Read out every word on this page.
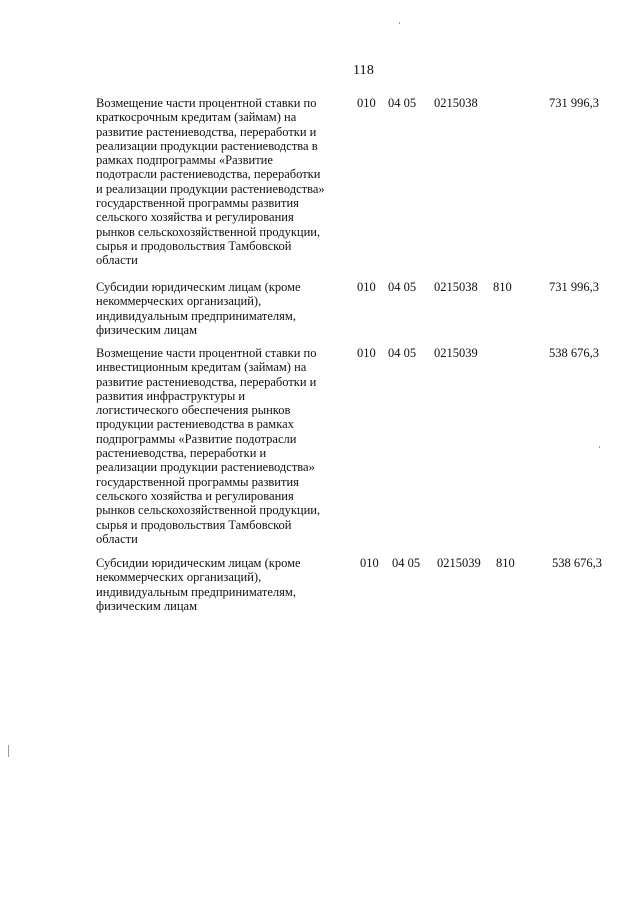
118
Возмещение части процентной ставки по
краткосрочным кредитам (займам) на
развитие растениеводства, переработки и
реализации продукции растениеводства в
рамках подпрограммы «Развитие
подотрасли растениеводства, переработки
и реализации продукции растениеводства»
государственной программы развития
сельского хозяйства и регулирования
рынков сельскохозяйственной продукции,
сырья и продовольствия Тамбовской
области
010 04 05 0215038	731 996,3
Субсидии юридическим лицам (кроме
некоммерческих организаций),
индивидуальным предпринимателям,
физическим лицам
010 04 05 0215038 810	731 996,3
Возмещение части процентной ставки по
инвестиционным кредитам (займам) на
развитие растениеводства, переработки и
развития инфраструктуры и
логистического обеспечения рынков
продукции растениеводства в рамках
подпрограммы «Развитие подотрасли
растениеводства, переработки и
реализации продукции растениеводства»
государственной программы развития
сельского хозяйства и регулирования
рынков сельскохозяйственной продукции,
сырья и продовольствия Тамбовской
области
010 04 05 0215039	538 676,3
Субсидии юридическим лицам (кроме
некоммерческих организаций),
индивидуальным предпринимателям,
физическим лицам
010 04 05 0215039 810	538 676,3
